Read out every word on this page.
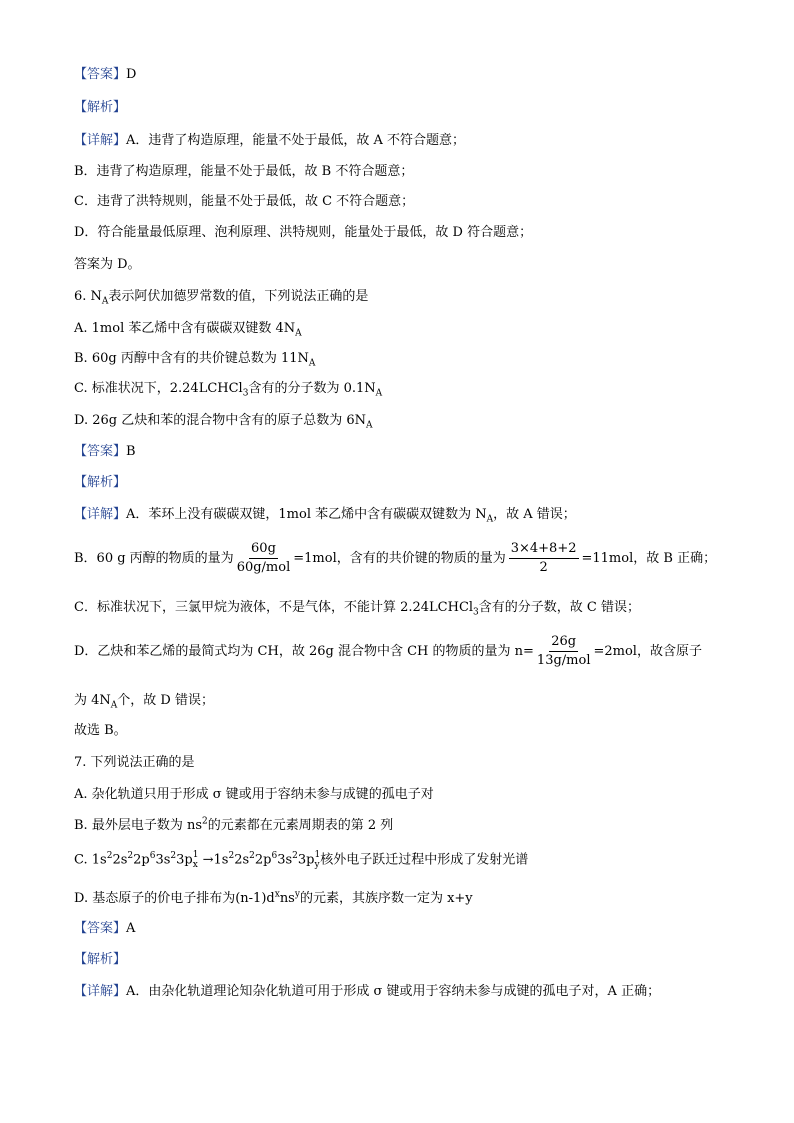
【答案】D
【解析】
【详解】A．违背了构造原理，能量不处于最低，故 A 不符合题意；
B．违背了构造原理，能量不处于最低，故 B 不符合题意；
C．违背了洪特规则，能量不处于最低，故 C 不符合题意；
D．符合能量最低原理、泡利原理、洪特规则，能量处于最低，故 D 符合题意；
答案为 D。
6. $N_A$表示阿伏加德罗常数的值，下列说法正确的是
A. 1mol 苯乙烯中含有碳碳双键数 $4N_A$
B. 60g 丙醇中含有的共价键总数为 $11N_A$
C. 标准状况下，2.24LCHCl$_3$含有的分子数为 $0.1N_A$
D. 26g 乙炔和苯的混合物中含有的原子总数为 $6N_A$
【答案】B
【解析】
【详解】A．苯环上没有碳碳双键，1mol 苯乙烯中含有碳碳双键数为 $N_A$，故 A 错误；
B．60 g 丙醇的物质的量为 $\frac{60g}{\text{60g/mol}} =1mol$，含有的共价键的物质的量为 $\frac{3\times 4+8+2}{2} =11mol$，故 B 正确；
C．标准状况下，三氯甲烷为液体，不是气体，不能计算 2.24LCHCl$_3$含有的分子数，故 C 错误；
D．乙炔和苯乙烯的最简式均为 CH，故 26g 混合物中含 CH 的物质的量为 $n= \frac{26g}{\text{13g/mol}} =2mol$，故含原子
为 $4N_A$个，故 D 错误；
故选 B。
7. 下列说法正确的是
A. 杂化轨道只用于形成 σ 键或用于容纳未参与成键的孤电子对
B. 最外层电子数为 $ns^2$的元素都在元素周期表的第 2 列
C. $1s^22s^22p^63s^23p$ 1
$x \to 1s^22s^22p^63s^23p$ 1
y 核外电子跃迁过程中形成了发射光谱
D. 基态原子的价电子排布为$(n-1)d^xns^y$的元素，其族序数一定为 x+y
【答案】A
【解析】
【详解】A．由杂化轨道理论知杂化轨道可用于形成 σ 键或用于容纳未参与成键的孤电子对，A 正确；
